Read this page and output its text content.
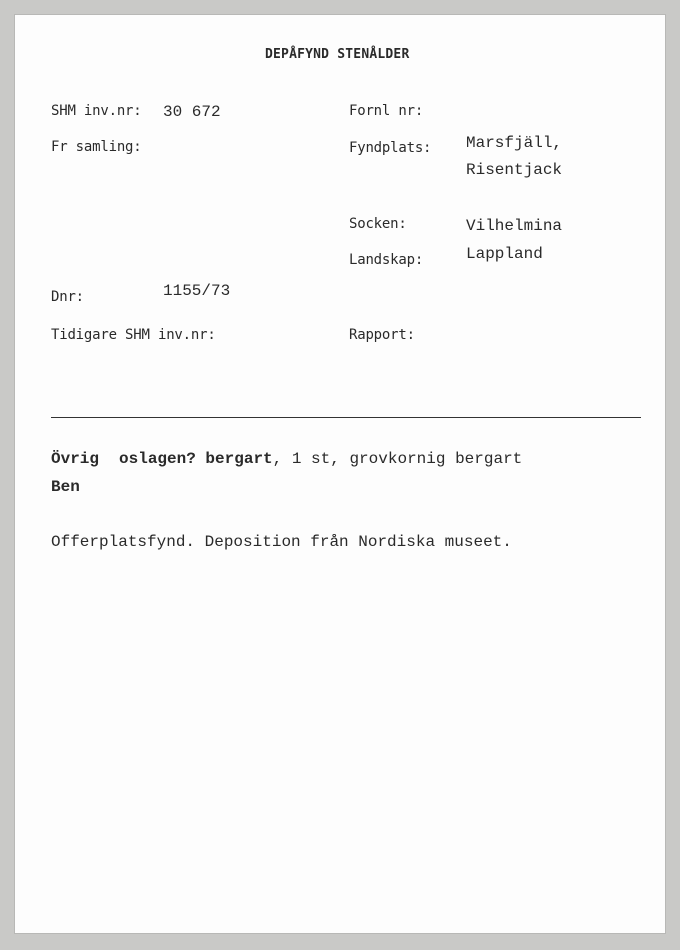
DEPÅFYND STENÅLDER
SHM inv.nr: 30 672	Fornl nr:
Fr samling:	Fyndplats: Marsfjäll,
Risentjack
Socken:	Vilhelmina
Landskap:	Lappland
Dnr:	1155/73
Tidigare SHM inv.nr:	Rapport:
Övrig oslagen? bergart, 1 st, grovkornig bergart
Ben
Offerplatsfynd. Deposition från Nordiska museet.
